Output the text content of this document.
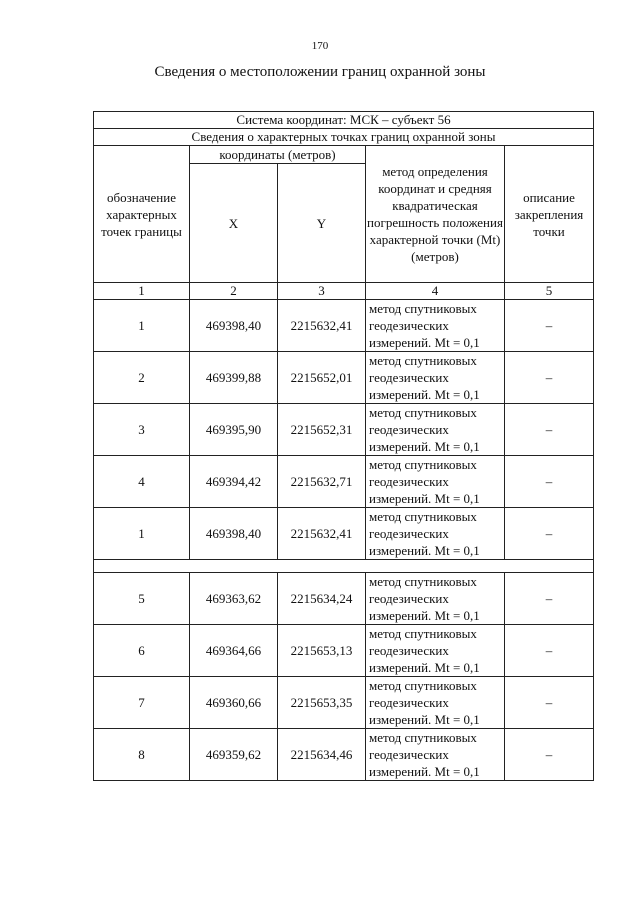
170
Сведения о местоположении границ охранной зоны
Система координат: МСК – субъект 56				
Сведения о характерных точках границ охранной зоны				
обозначение характерных точек границы	координаты (метров)		метод определения координат и средняя квадратическая погрешность положения характерной точки (Mt) (метров)	описание закрепления точки
	X	Y		
1	2	3	4	5
1	469398,40	2215632,41	метод спутниковых
геодезических
измерений. Mt = 0,1	–
2	469399,88	2215652,01	метод спутниковых
геодезических
измерений. Mt = 0,1	–
3	469395,90	2215652,31	метод спутниковых
геодезических
измерений. Mt = 0,1	–
4	469394,42	2215632,71	метод спутниковых
геодезических
измерений. Mt = 0,1	–
1	469398,40	2215632,41	метод спутниковых
геодезических
измерений. Mt = 0,1	–

5	469363,62	2215634,24	метод спутниковых
геодезических
измерений. Mt = 0,1	–
6	469364,66	2215653,13	метод спутниковых
геодезических
измерений. Mt = 0,1	–
7	469360,66	2215653,35	метод спутниковых
геодезических
измерений. Mt = 0,1	–
8	469359,62	2215634,46	метод спутниковых
геодезических
измерений. Mt = 0,1	–
